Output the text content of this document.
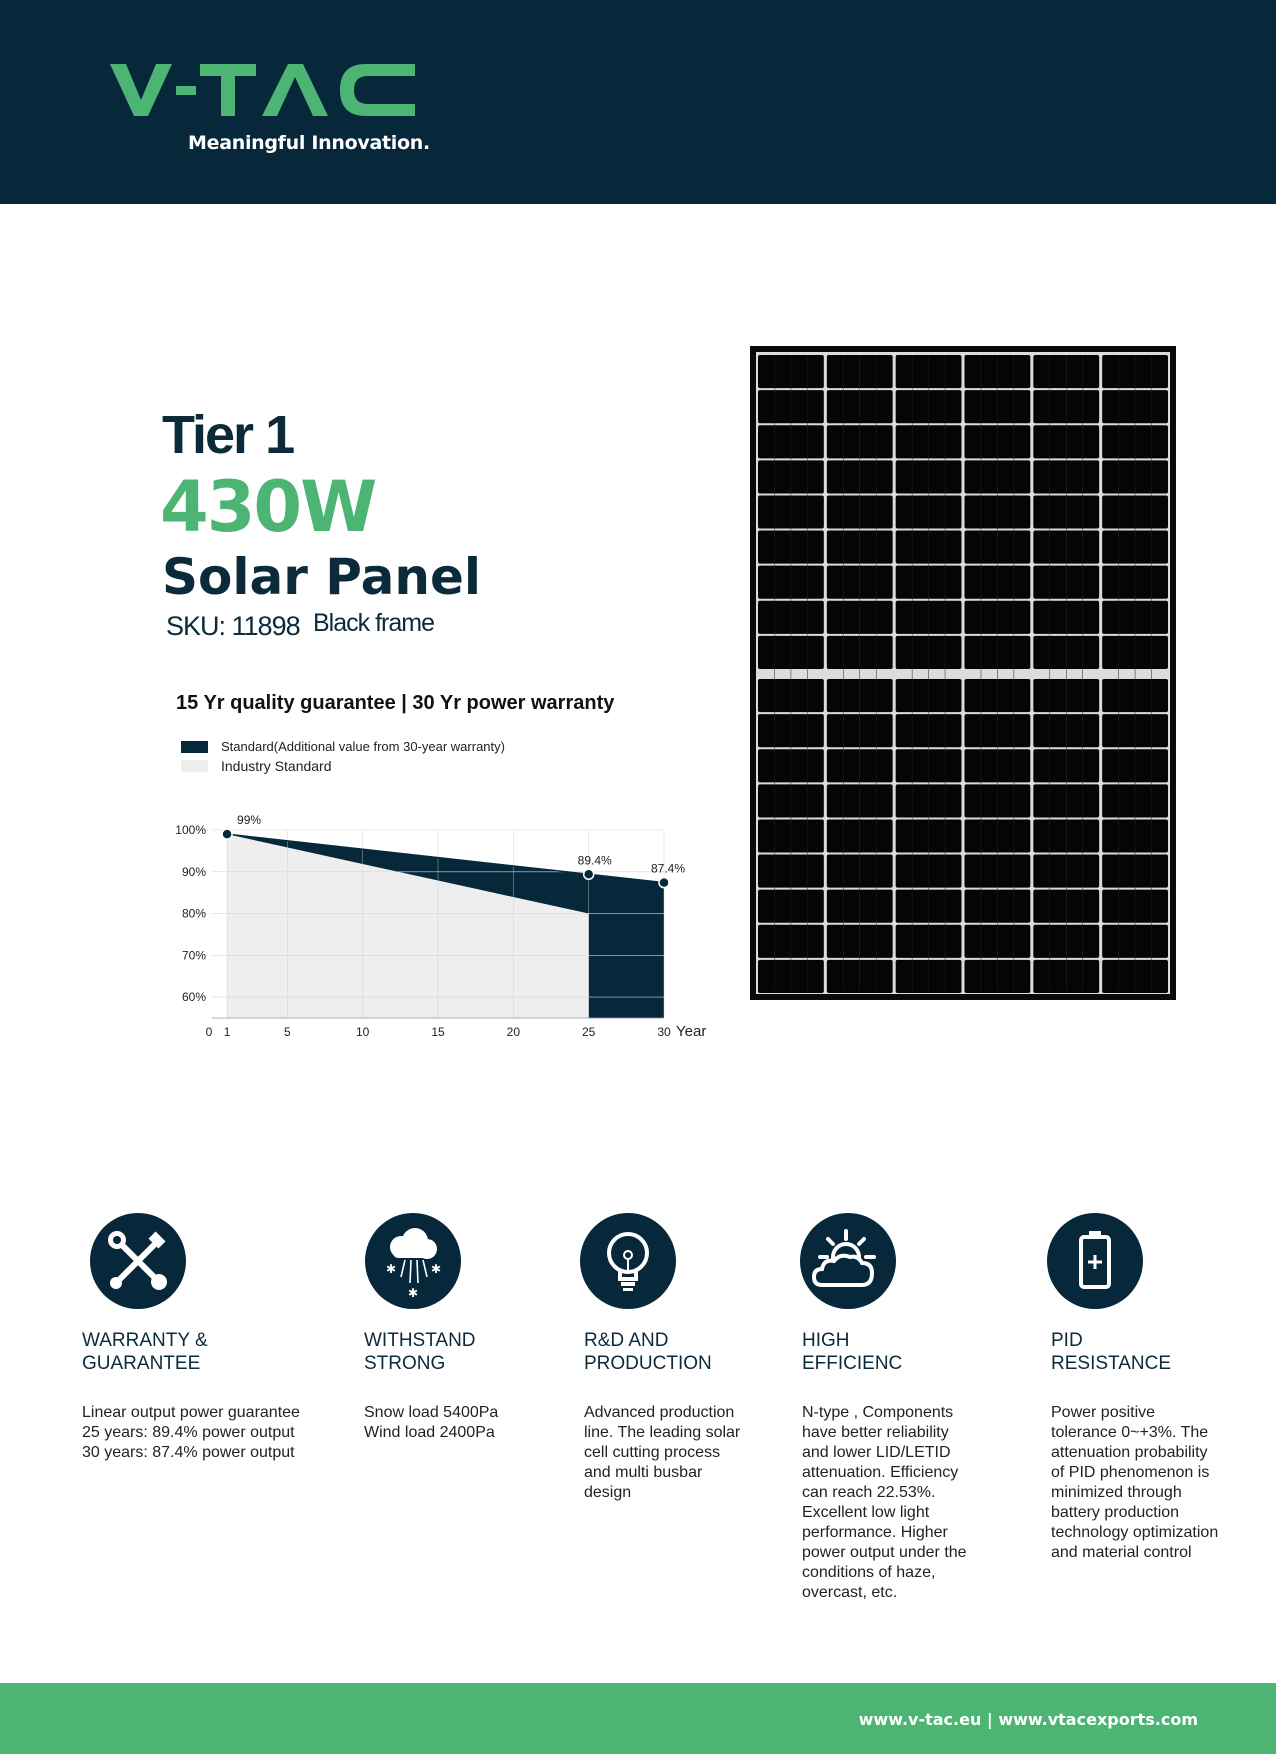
Meaningful Innovation.
Tier 1
430W
Solar Panel
SKU: 11898 Black frame
15 Yr quality guarantee | 30 Yr power warranty
Standard(Additional value from 30-year warranty)
Industry Standard
100%
90%
80%
70%
60%
0 1	5	10	15	20	25	30 Year
99%
89.4%
87.4%
WARRANTY &
GUARANTEE
Linear output power guarantee
25 years: 89.4% power output
30 years: 87.4% power output
✱	✱
✱
WITHSTAND
STRONG
Snow load 5400Pa
Wind load 2400Pa
R&D AND
PRODUCTION
Advanced production
line. The leading solar
cell cutting process
and multi busbar
design
HIGH
EFFICIENC
N-type , Components
have better reliability
and lower LID/LETID
attenuation. Efficiency
can reach 22.53%.
Excellent low light
performance. Higher
power output under the
conditions of haze,
overcast, etc.
PID
RESISTANCE
Power positive
tolerance 0~+3%. The
attenuation probability
of PID phenomenon is
minimized through
battery production
technology optimization
and material control
www.v-tac.eu | www.vtacexports.com
